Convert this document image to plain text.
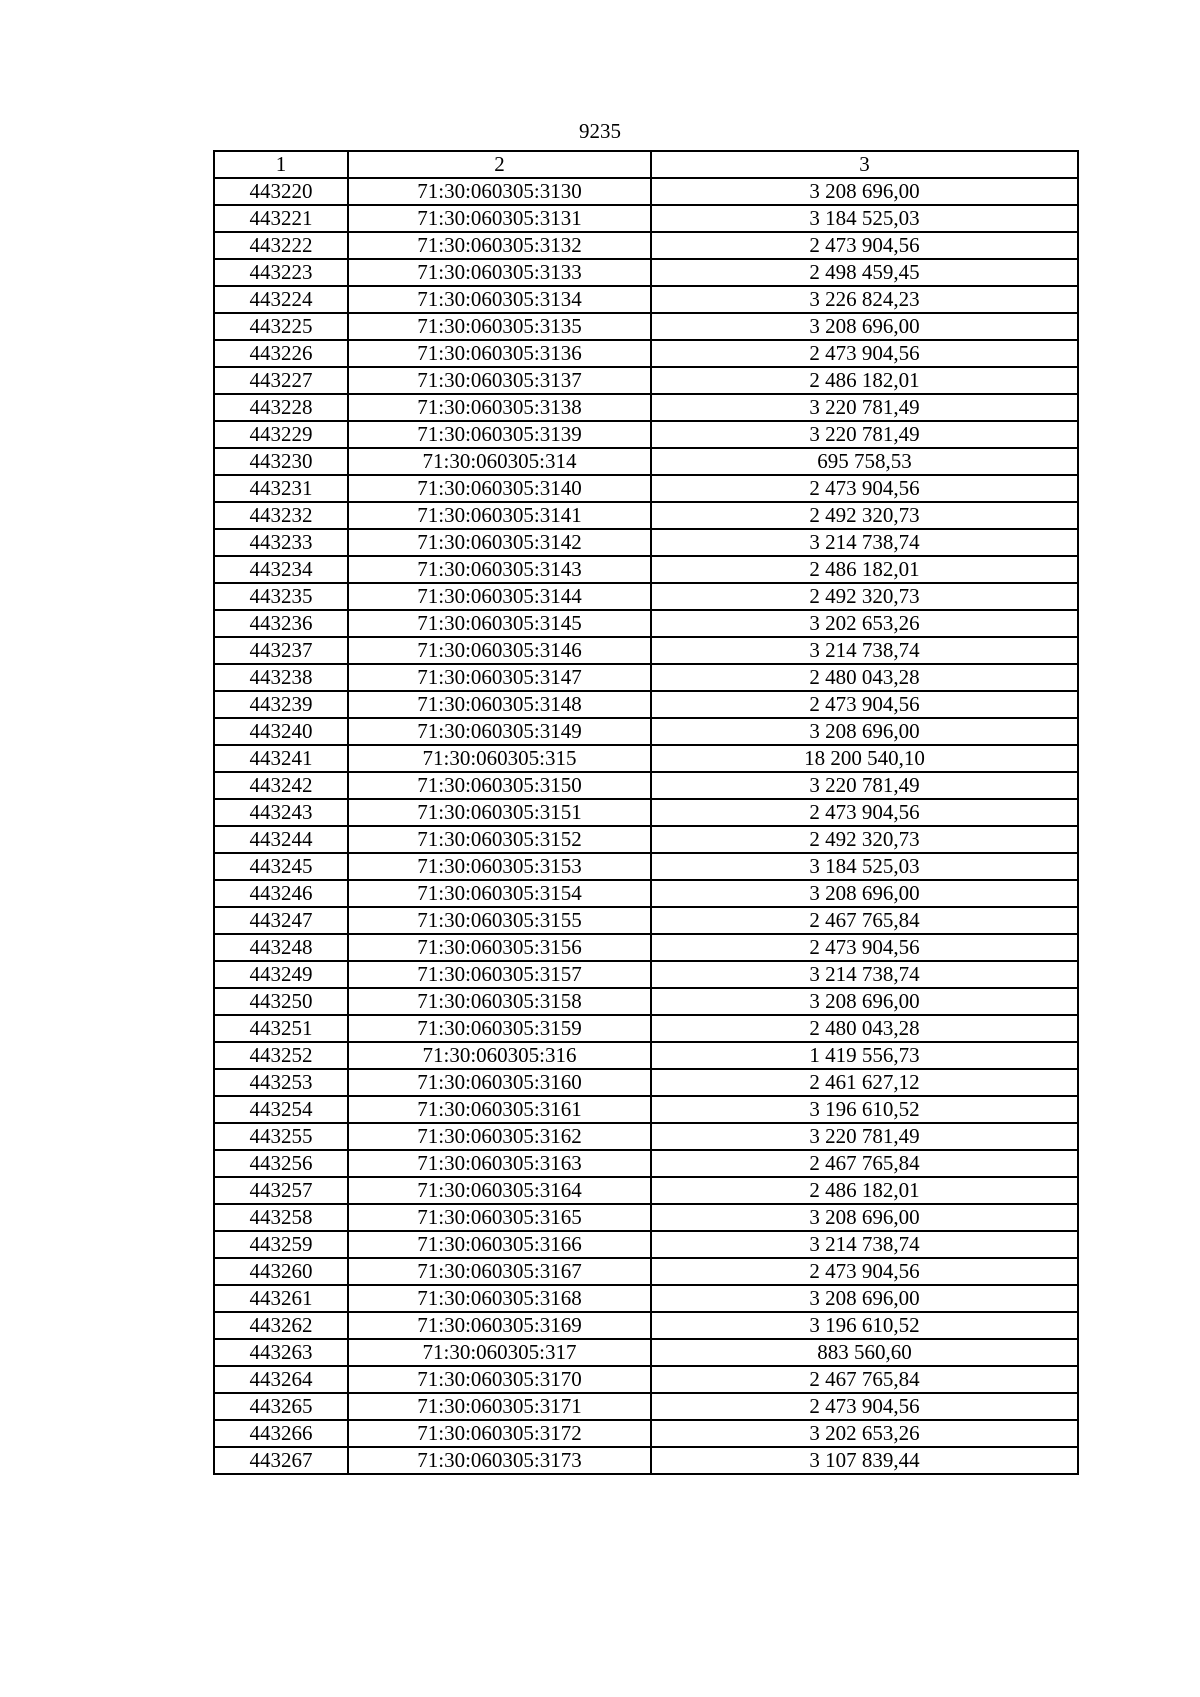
9235
1	2	3
443220	71:30:060305:3130	3 208 696,00
443221	71:30:060305:3131	3 184 525,03
443222	71:30:060305:3132	2 473 904,56
443223	71:30:060305:3133	2 498 459,45
443224	71:30:060305:3134	3 226 824,23
443225	71:30:060305:3135	3 208 696,00
443226	71:30:060305:3136	2 473 904,56
443227	71:30:060305:3137	2 486 182,01
443228	71:30:060305:3138	3 220 781,49
443229	71:30:060305:3139	3 220 781,49
443230	71:30:060305:314	695 758,53
443231	71:30:060305:3140	2 473 904,56
443232	71:30:060305:3141	2 492 320,73
443233	71:30:060305:3142	3 214 738,74
443234	71:30:060305:3143	2 486 182,01
443235	71:30:060305:3144	2 492 320,73
443236	71:30:060305:3145	3 202 653,26
443237	71:30:060305:3146	3 214 738,74
443238	71:30:060305:3147	2 480 043,28
443239	71:30:060305:3148	2 473 904,56
443240	71:30:060305:3149	3 208 696,00
443241	71:30:060305:315	18 200 540,10
443242	71:30:060305:3150	3 220 781,49
443243	71:30:060305:3151	2 473 904,56
443244	71:30:060305:3152	2 492 320,73
443245	71:30:060305:3153	3 184 525,03
443246	71:30:060305:3154	3 208 696,00
443247	71:30:060305:3155	2 467 765,84
443248	71:30:060305:3156	2 473 904,56
443249	71:30:060305:3157	3 214 738,74
443250	71:30:060305:3158	3 208 696,00
443251	71:30:060305:3159	2 480 043,28
443252	71:30:060305:316	1 419 556,73
443253	71:30:060305:3160	2 461 627,12
443254	71:30:060305:3161	3 196 610,52
443255	71:30:060305:3162	3 220 781,49
443256	71:30:060305:3163	2 467 765,84
443257	71:30:060305:3164	2 486 182,01
443258	71:30:060305:3165	3 208 696,00
443259	71:30:060305:3166	3 214 738,74
443260	71:30:060305:3167	2 473 904,56
443261	71:30:060305:3168	3 208 696,00
443262	71:30:060305:3169	3 196 610,52
443263	71:30:060305:317	883 560,60
443264	71:30:060305:3170	2 467 765,84
443265	71:30:060305:3171	2 473 904,56
443266	71:30:060305:3172	3 202 653,26
443267	71:30:060305:3173	3 107 839,44
